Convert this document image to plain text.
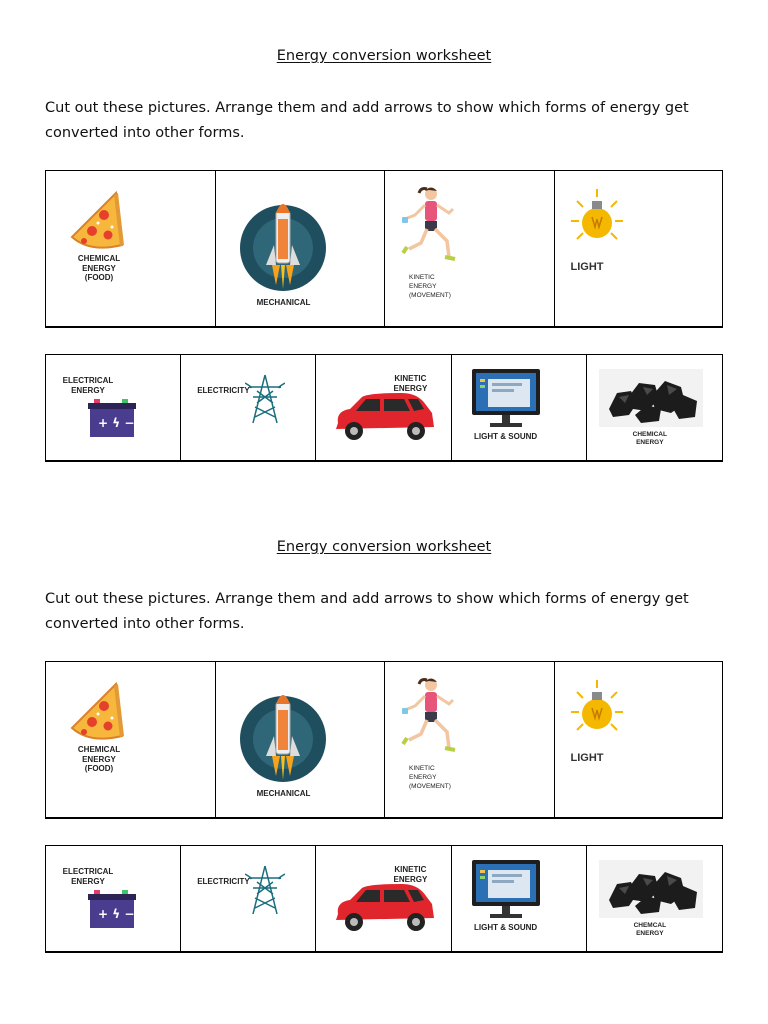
Energy conversion worksheet
Cut out these pictures. Arrange them and add arrows to show which forms of energy get converted into other forms.
CHEMICAL
ENERGY
(FOOD)
MECHANICAL
KINETIC
ENERGY
(MOVEMENT)
LIGHT
ELECTRICAL
ENERGY
+ ϟ −
ELECTRICITY
KINETIC
ENERGY
LIGHT & SOUND	CHEMICAL
ENERGY
Energy conversion worksheet
Cut out these pictures. Arrange them and add arrows to show which forms of energy get converted into other forms.
CHEMICAL
ENERGY
(FOOD)
MECHANICAL
KINETIC
ENERGY
(MOVEMENT)
LIGHT
ELECTRICAL
ENERGY
+ ϟ −
ELECTRICITY
KINETIC
ENERGY
LIGHT & SOUND	CHEMCAL
ENERGY
